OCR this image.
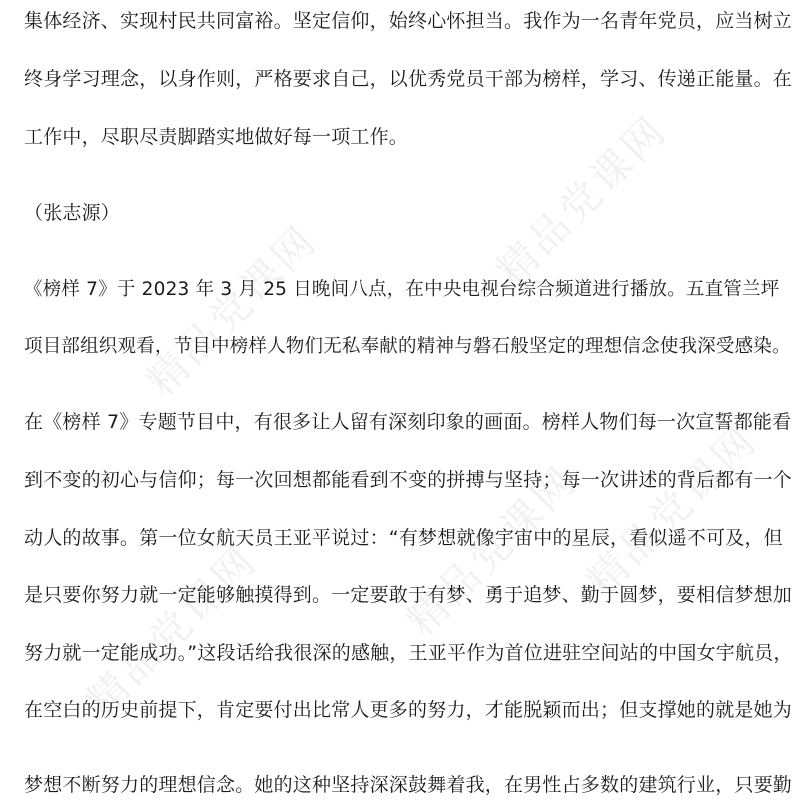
精品党课网
精品党课网
精品党课网
精品党课网
精品党课网
集体经济、实现村民共同富裕。坚定信仰，始终心怀担当。我作为一名青年党员，应当树立
终身学习理念，以身作则，严格要求自己，以优秀党员干部为榜样，学习、传递正能量。在
工作中，尽职尽责脚踏实地做好每一项工作。
（张志源）
《榜样 7》于 2023 年 3 月 25 日晚间八点，在中央电视台综合频道进行播放。五直管兰坪
项目部组织观看，节目中榜样人物们无私奉献的精神与磐石般坚定的理想信念使我深受感染。
在《榜样 7》专题节目中，有很多让人留有深刻印象的画面。榜样人物们每一次宣誓都能看
到不变的初心与信仰；每一次回想都能看到不变的拼搏与坚持；每一次讲述的背后都有一个
动人的故事。第一位女航天员王亚平说过：“有梦想就像宇宙中的星辰，看似遥不可及，但
是只要你努力就一定能够触摸得到。一定要敢于有梦、勇于追梦、勤于圆梦，要相信梦想加
努力就一定能成功。”这段话给我很深的感触，王亚平作为首位进驻空间站的中国女宇航员，
在空白的历史前提下，肯定要付出比常人更多的努力，才能脱颖而出；但支撑她的就是她为
梦想不断努力的理想信念。她的这种坚持深深鼓舞着我，在男性占多数的建筑行业，只要勤
